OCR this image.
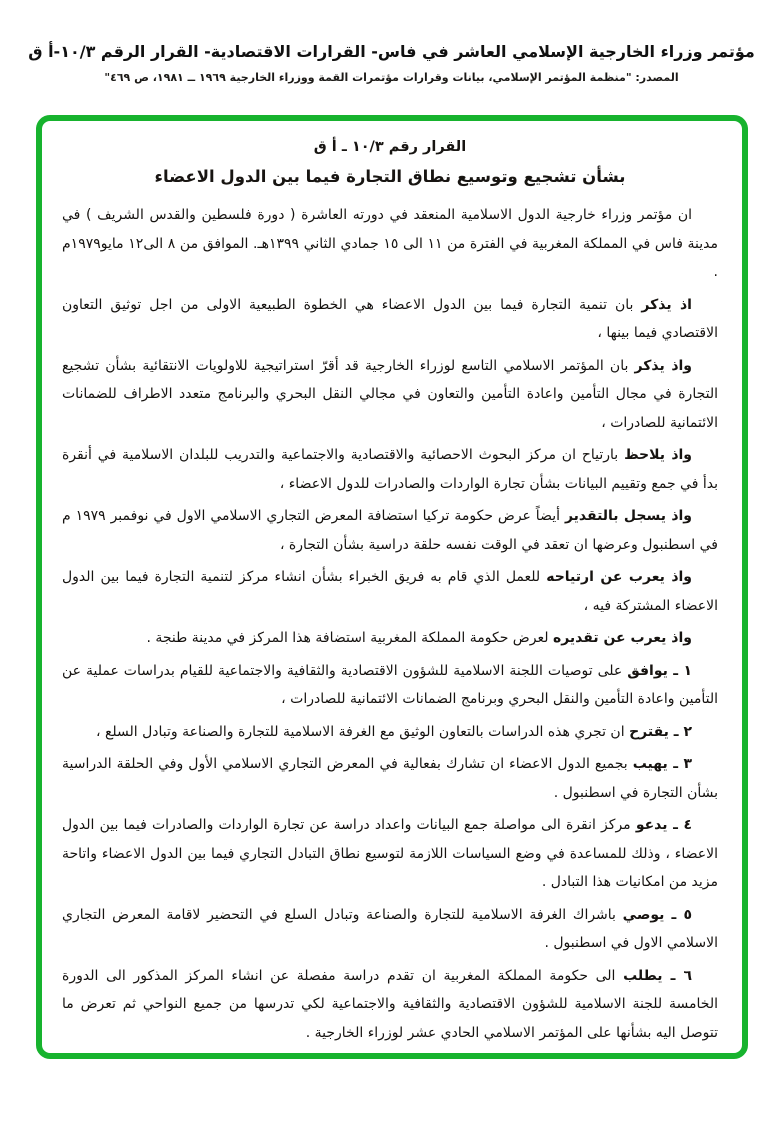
مؤتمر وزراء الخارجية الإسلامي العاشر في فاس- القرارات الاقتصادية- القرار الرقم ١٠/٣-أ ق
المصدر: "منظمة المؤتمر الإسلامي، بيانات وقرارات مؤتمرات القمة ووزراء الخارجية ١٩٦٩ ــ ١٩٨١، ص ٤٦٩"
القرار رقم ١٠/٣ ـ أ ق
بشأن تشجيع وتوسيع نطاق التجارة فيما بين الدول الاعضاء

ان مؤتمر وزراء خارجية الدول الاسلامية المنعقد في دورته العاشرة ( دورة فلسطين والقدس الشريف ) في مدينة فاس في المملكة المغربية في الفترة من ١١ الى ١٥ جمادي الثاني ١٣٩٩هـ. الموافق من ٨ الى١٢ مايو١٩٧٩م .

اذ يذكر بان تنمية التجارة فيما بين الدول الاعضاء هي الخطوة الطبيعية الاولى من اجل توثيق التعاون الاقتصادي فيما بينها ،

واذ يذكر بان المؤتمر الاسلامي التاسع لوزراء الخارجية قد أقرّ استراتيجية للاولويات الانتقائية بشأن تشجيع التجارة في مجال التأمين واعادة التأمين والتعاون في مجالي النقل البحري والبرنامج متعدد الاطراف للضمانات الائتمانية للصادرات ،

واذ يلاحظ بارتياح ان مركز البحوث الاحصائية والاقتصادية والاجتماعية والتدريب للبلدان الاسلامية في أنقرة بدأ في جمع وتقييم البيانات بشأن تجارة الواردات والصادرات للدول الاعضاء ،

واذ يسجل بالتقدير أيضاً عرض حكومة تركيا استضافة المعرض التجاري الاسلامي الاول في نوفمبر ١٩٧٩ م في اسطنبول وعرضها ان تعقد في الوقت نفسه حلقة دراسية بشأن التجارة ،

واذ يعرب عن ارتياحه للعمل الذي قام به فريق الخبراء بشأن انشاء مركز لتنمية التجارة فيما بين الدول الاعضاء المشتركة فيه ،

واذ يعرب عن تقديره لعرض حكومة المملكة المغربية استضافة هذا المركز في مدينة طنجة .

١ ـ يوافق على توصيات اللجنة الاسلامية للشؤون الاقتصادية والثقافية والاجتماعية للقيام بدراسات عملية عن التأمين واعادة التأمين والنقل البحري وبرنامج الضمانات الائتمانية للصادرات ،

٢ ـ يقترح ان تجري هذه الدراسات بالتعاون الوثيق مع الغرفة الاسلامية للتجارة والصناعة وتبادل السلع ،

٣ ـ يهيب بجميع الدول الاعضاء ان تشارك بفعالية في المعرض التجاري الاسلامي الأول وفي الحلقة الدراسية بشأن التجارة في اسطنبول .

٤ ـ يدعو مركز انقرة الى مواصلة جمع البيانات واعداد دراسة عن تجارة الواردات والصادرات فيما بين الدول الاعضاء ، وذلك للمساعدة في وضع السياسات اللازمة لتوسيع نطاق التبادل التجاري فيما بين الدول الاعضاء واتاحة مزيد من امكانيات هذا التبادل .

٥ ـ يوصي باشراك الغرفة الاسلامية للتجارة والصناعة وتبادل السلع في التحضير لاقامة المعرض التجاري الاسلامي الاول في اسطنبول .

٦ ـ يطلب الى حكومة المملكة المغربية ان تقدم دراسة مفصلة عن انشاء المركز المذكور الى الدورة الخامسة للجنة الاسلامية للشؤون الاقتصادية والثقافية والاجتماعية لكي تدرسها من جميع النواحي ثم تعرض ما تتوصل اليه بشأنها على المؤتمر الاسلامي الحادي عشر لوزراء الخارجية .
